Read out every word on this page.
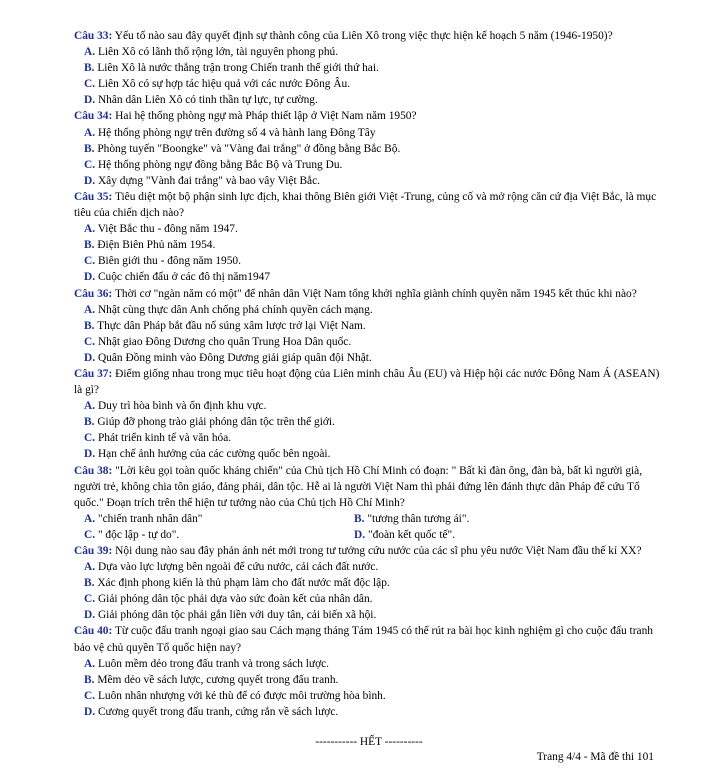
Câu 33: Yếu tố nào sau đây quyết định sự thành công của Liên Xô trong việc thực hiện kế hoạch 5 năm (1946-1950)?

A. Liên Xô có lãnh thổ rộng lớn, tài nguyên phong phú.
B. Liên Xô là nước thắng trận trong Chiến tranh thế giới thứ hai.
C. Liên Xô có sự hợp tác hiệu quả với các nước Đông Âu.
D. Nhân dân Liên Xô có tinh thần tự lực, tự cường.

Câu 34: Hai hệ thống phòng ngự mà Pháp thiết lập ở Việt Nam năm 1950?

A. Hệ thống phòng ngự trên đường số 4 và hành lang Đông Tây
B. Phòng tuyến "Boongke" và "Vàng đai trắng" ở đồng bằng Bắc Bộ.
C. Hệ thống phòng ngự đồng bằng Bắc Bộ và Trung Du.
D. Xây dựng "Vành đai trắng" và bao vây Việt Bắc.

Câu 35: Tiêu diệt một bộ phận sinh lực địch, khai thông Biên giới Việt -Trung, củng cố và mở rộng căn cứ địa Việt Bắc, là mục tiêu của chiến dịch nào?

A. Việt Bắc thu - đông năm 1947.
B. Điện Biên Phủ năm 1954.
C. Biên giới thu - đông năm 1950.
D. Cuộc chiến đấu ở các đô thị năm1947

Câu 36: Thời cơ "ngàn năm có một" để nhân dân Việt Nam tổng khởi nghĩa giành chính quyền năm 1945 kết thúc khi nào?

A. Nhật cùng thực dân Anh chống phá chính quyền cách mạng.
B. Thực dân Pháp bắt đầu nổ súng xâm lược trở lại Việt Nam.
C. Nhật giao Đông Dương cho quân Trung Hoa Dân quốc.
D. Quân Đồng minh vào Đông Dương giải giáp quân đội Nhật.

Câu 37: Điểm giống nhau trong mục tiêu hoạt động của Liên minh châu Âu (EU) và Hiệp hội các nước Đông Nam Á (ASEAN) là gì?

A. Duy trì hòa bình và ổn định khu vực.
B. Giúp đỡ phong trào giải phóng dân tộc trên thế giới.
C. Phát triển kinh tế và văn hóa.
D. Hạn chế ảnh hưởng của các cường quốc bên ngoài.

Câu 38: "Lời kêu gọi toàn quốc kháng chiến" của Chủ tịch Hồ Chí Minh có đoạn: " Bất kì đàn ông, đàn bà, bất kì người già, người trẻ, không chia tôn giáo, đảng phái, dân tộc. Hễ ai là người Việt Nam thì phải đứng lên đánh thực dân Pháp để cứu Tổ quốc." Đoạn trích trên thể hiện tư tưởng nào của Chủ tịch Hồ Chí Minh?

A. "chiến tranh nhân dân"	B. "tương thân tương ái".
C. " độc lập - tự do".	D. "đoàn kết quốc tế".

Câu 39: Nội dung nào sau đây phản ánh nét mới trong tư tưởng cứu nước của các sĩ phu yêu nước Việt Nam đầu thế kỉ XX?

A. Dựa vào lực lượng bên ngoài để cứu nước, cải cách đất nước.
B. Xác định phong kiến là thủ phạm làm cho đất nước mất độc lập.
C. Giải phóng dân tộc phải dựa vào sức đoàn kết của nhân dân.
D. Giải phóng dân tộc phải gắn liền với duy tân, cải biến xã hội.

Câu 40: Từ cuộc đấu tranh ngoại giao sau Cách mạng tháng Tám 1945 có thể rút ra bài học kinh nghiệm gì cho cuộc đấu tranh bảo vệ chủ quyền Tổ quốc hiện nay?

A. Luôn mềm dẻo trong đấu tranh và trong sách lược.
B. Mềm dẻo về sách lược, cương quyết trong đấu tranh.
C. Luôn nhân nhượng với kẻ thù để có được môi trường hòa bình.
D. Cương quyết trong đấu tranh, cứng rắn về sách lược.
----------- HẾT ----------
Trang 4/4 - Mã đề thi 101
